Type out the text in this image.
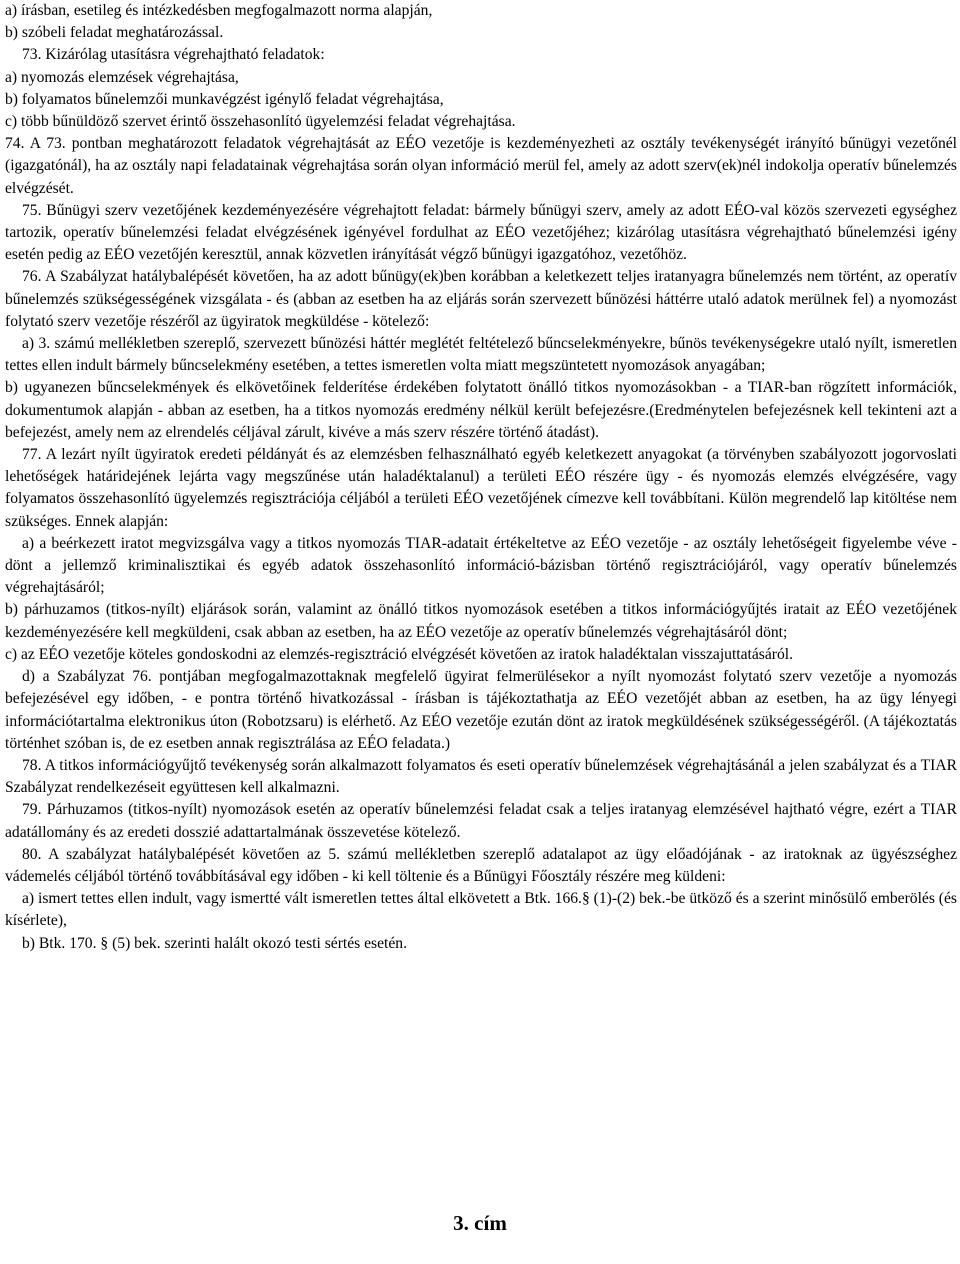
a) írásban, esetileg és intézkedésben megfogalmazott norma alapján,

b) szóbeli feladat meghatározással.

73. Kizárólag utasításra végrehajtható feladatok:

a) nyomozás elemzések végrehajtása,

b) folyamatos bűnelemzői munkavégzést igénylő feladat végrehajtása,

c) több bűnüldöző szervet érintő összehasonlító ügyelemzési feladat végrehajtása.

74. A 73. pontban meghatározott feladatok végrehajtását az EÉO vezetője is kezdeményezheti az osztály tevékenységét irányító bűnügyi vezetőnél (igazgatónál), ha az osztály napi feladatainak végrehajtása során olyan információ merül fel, amely az adott szerv(ek)nél indokolja operatív bűnelemzés elvégzését.

75. Bűnügyi szerv vezetőjének kezdeményezésére végrehajtott feladat: bármely bűnügyi szerv, amely az adott EÉO-val közös szervezeti egységhez tartozik, operatív bűnelemzési feladat elvégzésének igényével fordulhat az EÉO vezetőjéhez; kizárólag utasításra végrehajtható bűnelemzési igény esetén pedig az EÉO vezetőjén keresztül, annak közvetlen irányítását végző bűnügyi igazgatóhoz, vezetőhöz.

76. A Szabályzat hatálybalépését követően, ha az adott bűnügy(ek)ben korábban a keletkezett teljes iratanyagra bűnelemzés nem történt, az operatív bűnelemzés szükségességének vizsgálata - és (abban az esetben ha az eljárás során szervezett bűnözési háttérre utaló adatok merülnek fel) a nyomozást folytató szerv vezetője részéről az ügyiratok megküldése - kötelező:

a) 3. számú mellékletben szereplő, szervezett bűnözési háttér meglétét feltételező bűncselekményekre, bűnös tevékenységekre utaló nyílt, ismeretlen tettes ellen indult bármely bűncselekmény esetében, a tettes ismeretlen volta miatt megszüntetett nyomozások anyagában;

b) ugyanezen bűncselekmények és elkövetőinek felderítése érdekében folytatott önálló titkos nyomozásokban - a TIAR-ban rögzített információk, dokumentumok alapján - abban az esetben, ha a titkos nyomozás eredmény nélkül került befejezésre.(Eredménytelen befejezésnek kell tekinteni azt a befejezést, amely nem az elrendelés céljával zárult, kivéve a más szerv részére történő átadást).

77. A lezárt nyílt ügyiratok eredeti példányát és az elemzésben felhasználható egyéb keletkezett anyagokat (a törvényben szabályozott jogorvoslati lehetőségek határidejének lejárta vagy megszűnése után haladéktalanul) a területi EÉO részére ügy - és nyomozás elemzés elvégzésére, vagy folyamatos összehasonlító ügyelemzés regisztrációja céljából a területi EÉO vezetőjének címezve kell továbbítani. Külön megrendelő lap kitöltése nem szükséges. Ennek alapján:

a) a beérkezett iratot megvizsgálva vagy a titkos nyomozás TIAR-adatait értékeltetve az EÉO vezetője - az osztály lehetőségeit figyelembe véve - dönt a jellemző kriminalisztikai és egyéb adatok összehasonlító információ-bázisban történő regisztrációjáról, vagy operatív bűnelemzés végrehajtásáról;

b) párhuzamos (titkos-nyílt) eljárások során, valamint az önálló titkos nyomozások esetében a titkos információgyűjtés iratait az EÉO vezetőjének kezdeményezésére kell megküldeni, csak abban az esetben, ha az EÉO vezetője az operatív bűnelemzés végrehajtásáról dönt;

c) az EÉO vezetője köteles gondoskodni az elemzés-regisztráció elvégzését követően az iratok haladéktalan visszajuttatásáról.

d) a Szabályzat 76. pontjában megfogalmazottaknak megfelelő ügyirat felmerülésekor a nyílt nyomozást folytató szerv vezetője a nyomozás befejezésével egy időben, - e pontra történő hivatkozással - írásban is tájékoztathatja az EÉO vezetőjét abban az esetben, ha az ügy lényegi információtartalma elektronikus úton (Robotzsaru) is elérhető. Az EÉO vezetője ezután dönt az iratok megküldésének szükségességéről. (A tájékoztatás történhet szóban is, de ez esetben annak regisztrálása az EÉO feladata.)

78. A titkos információgyűjtő tevékenység során alkalmazott folyamatos és eseti operatív bűnelemzések végrehajtásánál a jelen szabályzat és a TIAR Szabályzat rendelkezéseit együttesen kell alkalmazni.

79. Párhuzamos (titkos-nyílt) nyomozások esetén az operatív bűnelemzési feladat csak a teljes iratanyag elemzésével hajtható végre, ezért a TIAR adatállomány és az eredeti dosszié adattartalmának összevetése kötelező.

80. A szabályzat hatálybalépését követően az 5. számú mellékletben szereplő adatalapot az ügy előadójának - az iratoknak az ügyészséghez vádemelés céljából történő továbbításával egy időben - ki kell töltenie és a Bűnügyi Főosztály részére meg küldeni:

a) ismert tettes ellen indult, vagy ismertté vált ismeretlen tettes által elkövetett a Btk. 166.§ (1)-(2) bek.-be ütköző és a szerint minősülő emberölés (és kísérlete),

b) Btk. 170. § (5) bek. szerinti halált okozó testi sértés esetén.

3. cím
